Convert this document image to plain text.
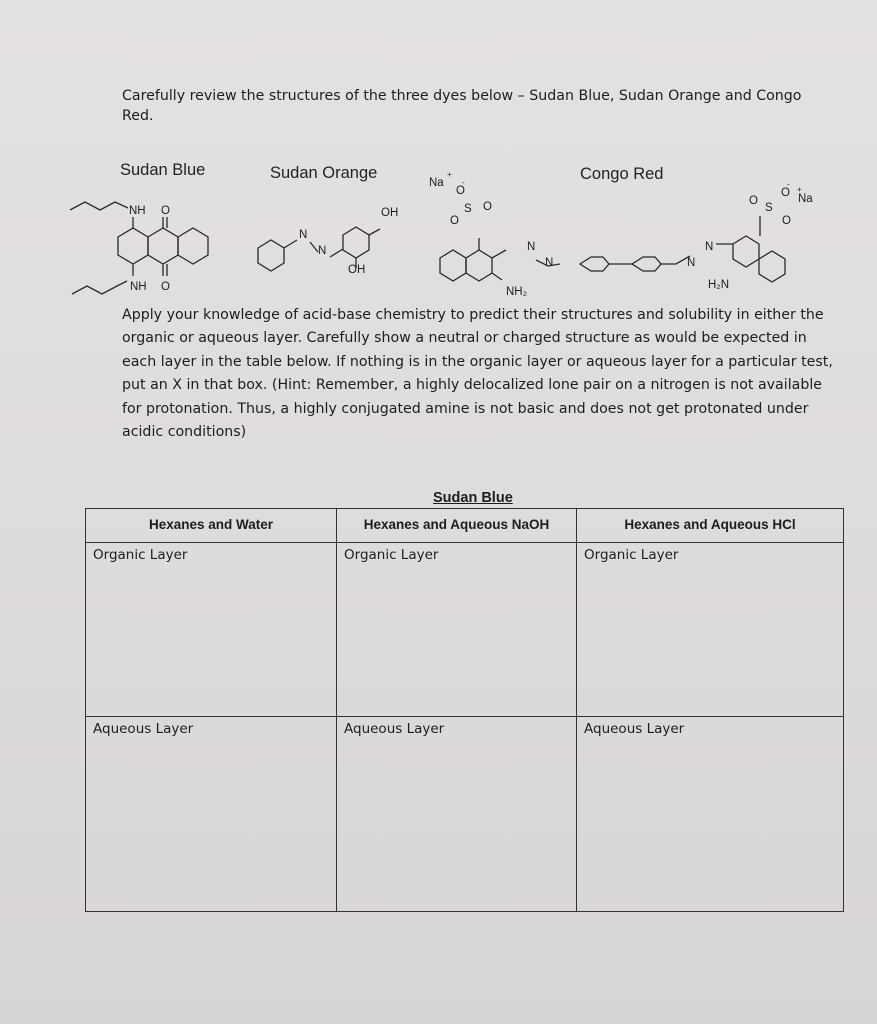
Carefully review the structures of the three dyes below – Sudan Blue, Sudan Orange and Congo Red.
Sudan Blue	Sudan Orange	Congo Red
NH O
NH O
N
N
OH
OH
Na
+
O
-
S
O
O
NH₂
N
N	N
N
H₂N
O
-
Na
+
S
O
O
Apply your knowledge of acid-base chemistry to predict their structures and solubility in either the organic or aqueous layer. Carefully show a neutral or charged structure as would be expected in each layer in the table below. If nothing is in the organic layer or aqueous layer for a particular test, put an X in that box. (Hint: Remember, a highly delocalized lone pair on a nitrogen is not available for protonation. Thus, a highly conjugated amine is not basic and does not get protonated under acidic conditions)
Sudan Blue
Hexanes and Water	Hexanes and Aqueous NaOH	Hexanes and Aqueous HCl
Organic Layer	Organic Layer	Organic Layer
Aqueous Layer	Aqueous Layer	Aqueous Layer
